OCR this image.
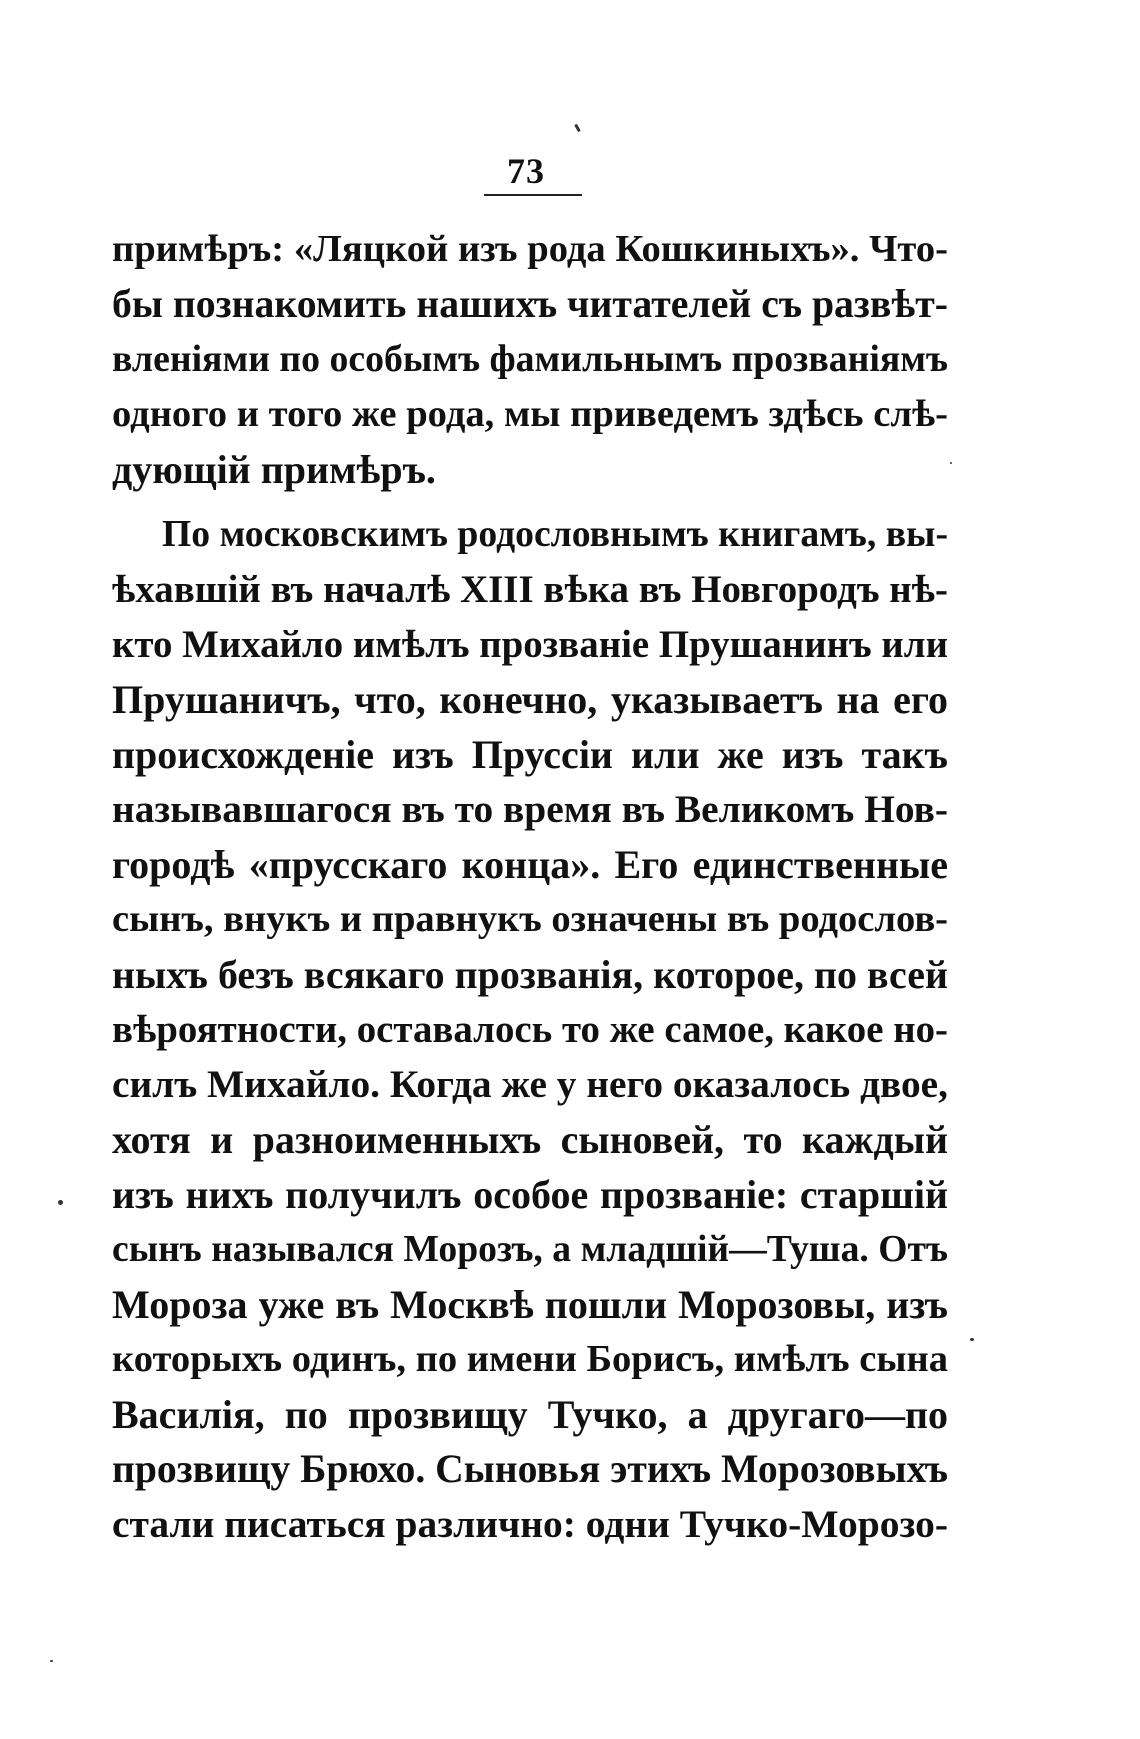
73
примѣръ: «Ляцкой изъ рода Кошкиныхъ». Что-
бы познакомить нашихъ читателей съ развѣт-
вленіями по особымъ фамильнымъ прозваніямъ
одного и того же рода, мы приведемъ здѣсь слѣ-
дующій примѣръ.
По московскимъ родословнымъ книгамъ, вы-
ѣхавшій въ началѣ XIII вѣка въ Новгородъ нѣ-
кто Михайло имѣлъ прозваніе Прушанинъ или
Прушаничъ, что, конечно, указываетъ на его
происхожденіе изъ Пруссіи или же изъ такъ
называвшагося въ то время въ Великомъ Нов-
городѣ «прусскаго конца». Его единственные
сынъ, внукъ и правнукъ означены въ родослов-
ныхъ безъ всякаго прозванія, которое, по всей
вѣроятности, оставалось то же самое, какое но-
силъ Михайло. Когда же у него оказалось двое,
хотя и разноименныхъ сыновей, то каждый
изъ нихъ получилъ особое прозваніе: старшій
сынъ назывался Морозъ, а младшій—Туша. Отъ
Мороза уже въ Москвѣ пошли Морозовы, изъ
которыхъ одинъ, по имени Борисъ, имѣлъ сына
Василія, по прозвищу Тучко, а другаго—по
прозвищу Брюхо. Сыновья этихъ Морозовыхъ
стали писаться различно: одни Тучко-Морозо-
